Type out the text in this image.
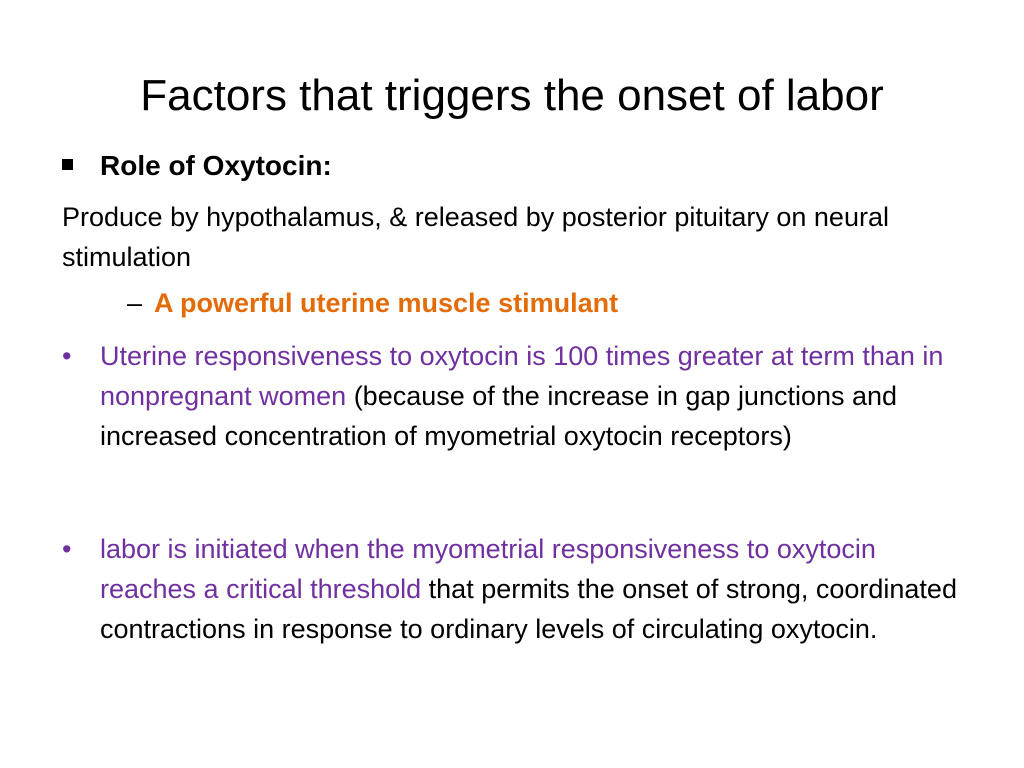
Factors that triggers the onset of labor
Role of Oxytocin:
Produce by hypothalamus, & released by posterior pituitary on neural stimulation
– A powerful uterine muscle stimulant
• Uterine responsiveness to oxytocin is 100 times greater at term than in nonpregnant women (because of the increase in gap junctions and increased concentration of myometrial oxytocin receptors)
• labor is initiated when the myometrial responsiveness to oxytocin reaches a critical threshold that permits the onset of strong, coordinated contractions in response to ordinary levels of circulating oxytocin.
